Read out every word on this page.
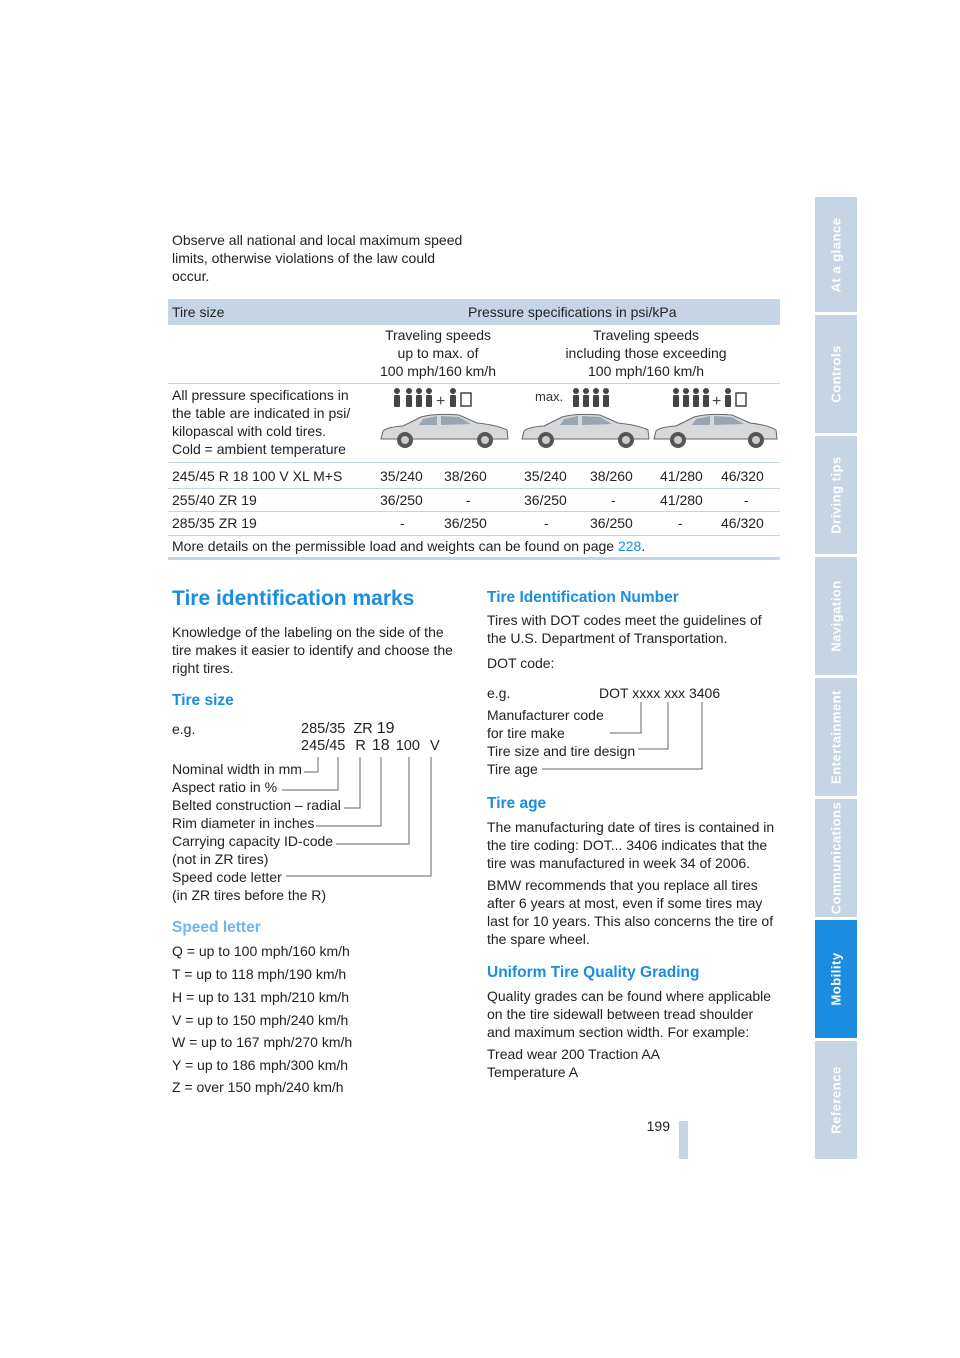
At a glance
Controls
Driving tips
Navigation
Entertainment
Communications
Mobility
Reference
Observe all national and local maximum speed limits, otherwise violations of the law could occur.
Tire size	Pressure specifications in psi/kPa
Traveling speeds
up to max. of
100 mph/160 km/h
Traveling speeds
including those exceeding
100 mph/160 km/h
All pressure specifications in
the table are indicated in psi/
kilopascal with cold tires.
Cold = ambient temperature
+	max.	+
245/45 R 18 100 V XL M+S	35/240 38/260	35/240 38/260 41/280 46/320
255/40 ZR 19	36/250	-	36/250	-	41/280	-
285/35 ZR 19	-	36/250	-	36/250	-	46/320
More details on the permissible load and weights can be found on page 228.
Tire identification marks
Knowledge of the labeling on the side of the tire makes it easier to identify and choose the right tires.
Tire size
e.g.	285/35 ZR 19
245/45 R 18 100 V
Nominal width in mm
Aspect ratio in %
Belted construction – radial
Rim diameter in inches
Carrying capacity ID-code
(not in ZR tires)
Speed code letter
(in ZR tires before the R)
Speed letter
Q = up to 100 mph/160 km/h
T = up to 118 mph/190 km/h
H = up to 131 mph/210 km/h
V = up to 150 mph/240 km/h
W = up to 167 mph/270 km/h
Y = up to 186 mph/300 km/h
Z = over 150 mph/240 km/h
Tire Identification Number
Tires with DOT codes meet the guidelines of the U.S. Department of Transportation.
DOT code:
e.g.	DOT xxxx xxx 3406
Manufacturer code
for tire make
Tire size and tire design
Tire age
Tire age
The manufacturing date of tires is contained in the tire coding: DOT... 3406 indicates that the tire was manufactured in week 34 of 2006.
BMW recommends that you replace all tires after 6 years at most, even if some tires may last for 10 years. This also concerns the tire of the spare wheel.
Uniform Tire Quality Grading
Quality grades can be found where applicable on the tire sidewall between tread shoulder and maximum section width. For example:
Tread wear 200 Traction AA
Temperature A
199
